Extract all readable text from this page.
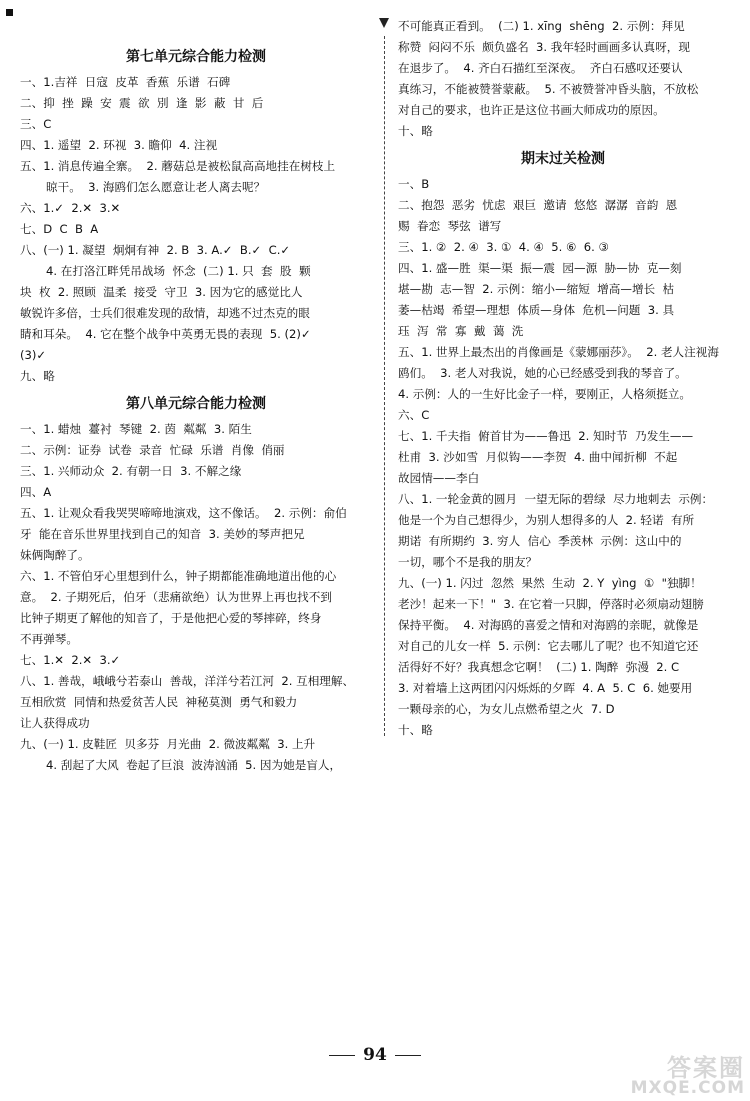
第七单元综合能力检测
一、1.吉祥  日寇  皮革  香蕉  乐谱  石碑
二、抑  挫  躁  安  震  欲  別  逢  影  蔽  甘  后
三、C
四、1. 遥望  2. 环视  3. 瞻仰  4. 注视
五、1. 消息传遍全寨。  2. 蘑菇总是被松鼠高高地挂在树枝上
晾干。  3. 海鸥们怎么愿意让老人离去呢？
六、1.✓  2.✕  3.✕
七、D  C  B  A
八、(一) 1. 凝望  炯炯有神  2. B  3. A.✓  B.✓  C.✓
4. 在打洛江畔凭吊战场  怀念  (二) 1. 只  套  股  颗
块  枚  2. 照顾  温柔  接受  守卫  3. 因为它的感觉比人
敏锐许多倍，士兵们很难发现的敌情，却逃不过杰克的眼
睛和耳朵。  4. 它在整个战争中英勇无畏的表现  5. (2)✓
(3)✓
九、略
第八单元综合能力检测
一、1. 蜡烛  薹衬  琴键  2. 茵  粼粼  3. 陌生
二、示例：证券  试卷  录音  忙碌  乐谱  肖像  俏丽
三、1. 兴师动众  2. 有朝一日  3. 不解之缘
四、A
五、1. 让观众看我哭哭啼啼地演戏，这不像话。  2. 示例：俞伯
牙  能在音乐世界里找到自己的知音  3. 美妙的琴声把兄
妹俩陶醉了。
六、1. 不管伯牙心里想到什么，钟子期都能准确地道出他的心
意。  2. 子期死后，伯牙（悲痛欲绝）认为世界上再也找不到
比钟子期更了解他的知音了，于是他把心爱的琴摔碎，终身
不再弹琴。
七、1.✕  2.✕  3.✓
八、1. 善哉，峨峨兮若泰山  善哉，洋洋兮若江河  2. 互相理解、
互相欣赏  同情和热爱贫苦人民  神秘莫测  勇气和毅力
让人获得成功
九、(一) 1. 皮鞋匠  贝多芬  月光曲  2. 微波粼粼  3. 上升
4. 刮起了大风  卷起了巨浪  波涛汹涌  5. 因为她是盲人，
不可能真正看到。  (二) 1. xīng  shēng  2. 示例：拜见
称赞  闷闷不乐  颇负盛名  3. 我年轻时画画多认真呀，现
在退步了。  4. 齐白石描红至深夜。  齐白石感叹还要认
真练习，不能被赞誉蒙蔽。  5. 不被赞誉冲昏头脑，不放松
对自己的要求，也许正是这位书画大师成功的原因。
十、略
期末过关检测
一、B
二、抱怨  恶劣  忧虑  艰巨  邀请  悠悠  潺潺  音韵  恩
赐  眷恋  琴弦  谱写
三、1. ②  2. ④  3. ①  4. ④  5. ⑥  6. ③
四、1. 盛—胜  渠—渠  振—震  园—源  胁—协  克—刻
堪—勘  志—智  2. 示例：缩小—缩短  增高—增长  枯
萎—枯竭  希望—理想  体质—身体  危机—问题  3. 具
珏  泻  常  寡  戴  蔼  洗
五、1. 世界上最杰出的肖像画是《蒙娜丽莎》。  2. 老人注视海
鸥们。  3. 老人对我说，她的心已经感受到我的琴音了。
4. 示例：人的一生好比金子一样，要刚正，人格须挺立。
六、C
七、1. 千夫指  俯首甘为——鲁迅  2. 知时节  乃发生——
杜甫  3. 沙如雪  月似钩——李贺  4. 曲中闻折柳  不起
故园情——李白
八、1. 一轮金黄的圆月  一望无际的碧绿  尽力地刺去  示例：
他是一个为自己想得少，为别人想得多的人  2. 轻诺  有所
期诺  有所期约  3. 穷人  信心  季羡林  示例：这山中的
一切，哪个不是我的朋友？
九、(一) 1. 闪过  忽然  果然  生动  2. Y  yìng  ①  "独脚！
老沙！起来一下！"  3. 在它着一只脚，停落时必须扇动翅膀
保持平衡。  4. 对海鸥的喜爱之情和对海鸥的亲昵，就像是
对自己的儿女一样  5. 示例：它去哪儿了呢？也不知道它还
活得好不好？我真想念它啊！  (二) 1. 陶醉  弥漫  2. C
3. 对着墙上这两团闪闪烁烁的夕晖  4. A  5. C  6. 她要用
一颗母亲的心，为女儿点燃希望之火  7. D
十、略
94	答案圈
MXQE.COM
